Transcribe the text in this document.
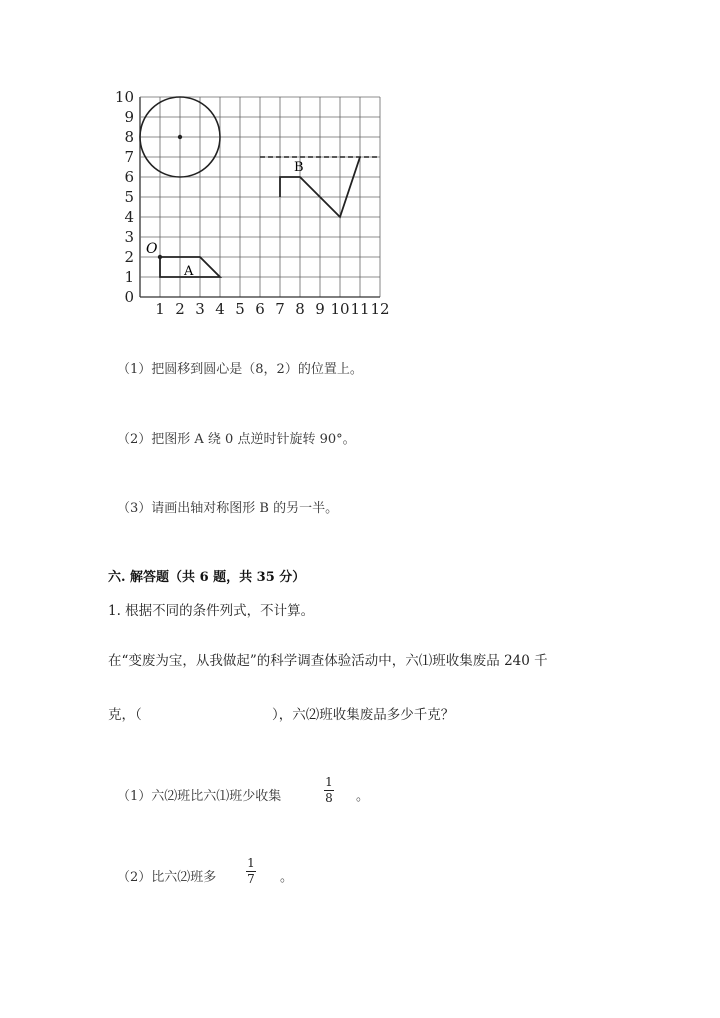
10
9
8
7
6
5
4
3
2
1
0
1 2 3 4 5 6 7 8 9 10 11 12
B
A
O
（1）把圆移到圆心是（8，2）的位置上。
（2）把图形 A 绕 0 点逆时针旋转 90°。
（3）请画出轴对称图形 B 的另一半。
六. 解答题（共 6 题，共 35 分）
1. 根据不同的条件列式，不计算。
在“变废为宝，从我做起”的科学调查体验活动中，六⑴班收集废品 240 千
克，（	），六⑵班收集废品多少千克？
（1）六⑵班比六⑴班少收集
1
8 。
（2）比六⑵班多
1
7 。
